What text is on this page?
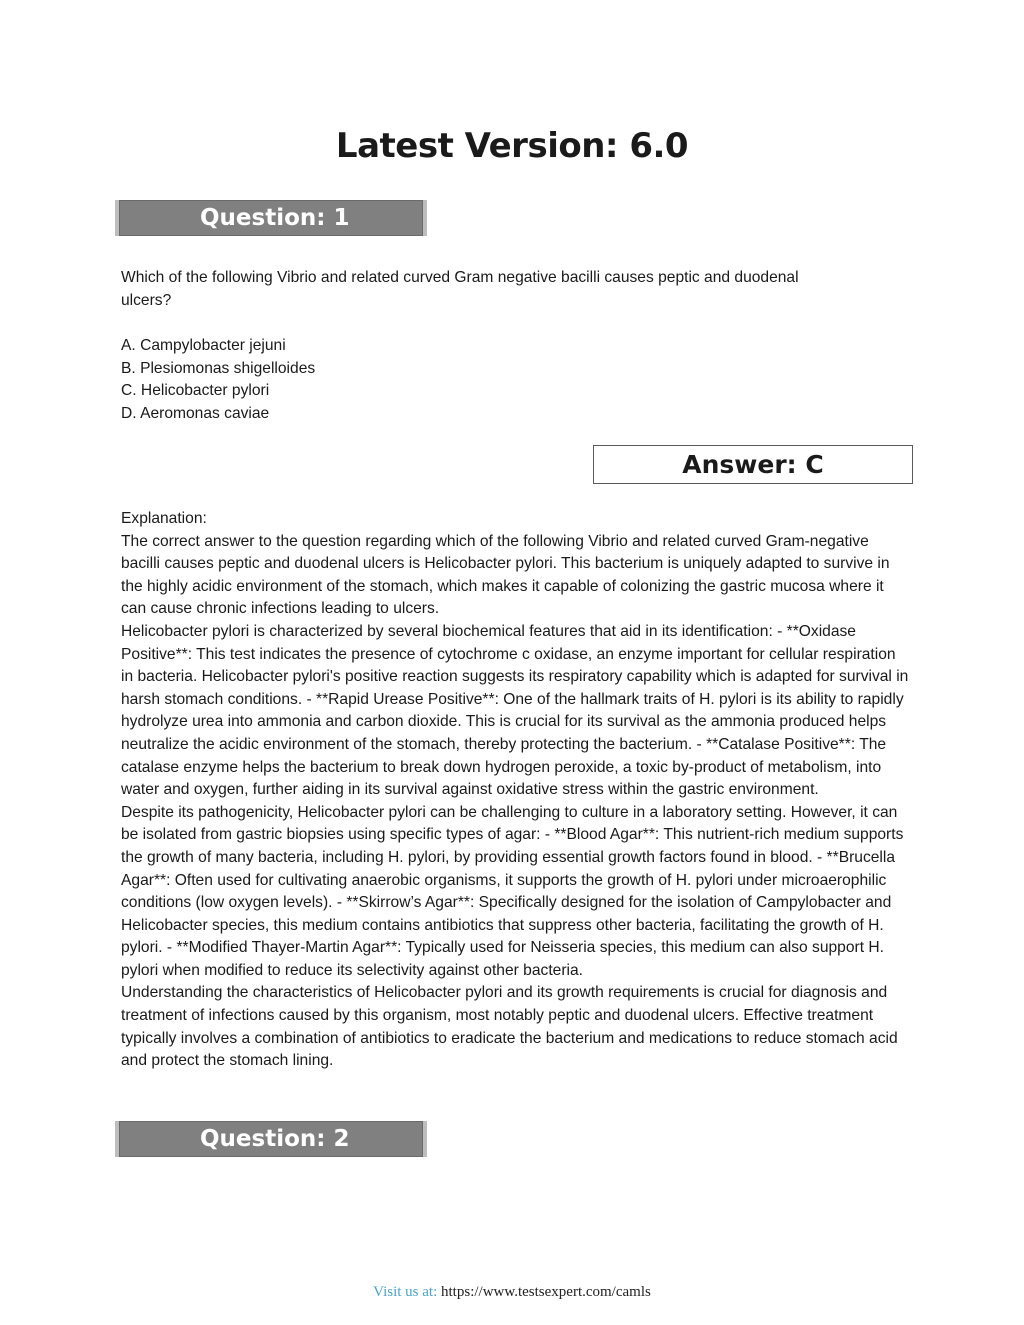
Latest Version: 6.0
Question: 1
Which of the following Vibrio and related curved Gram negative bacilli causes peptic and duodenal
ulcers?
A. Campylobacter jejuni
B. Plesiomonas shigelloides
C. Helicobacter pylori
D. Aeromonas caviae
Answer: C

Explanation:

The correct answer to the question regarding which of the following Vibrio and related curved Gram-negative bacilli causes peptic and duodenal ulcers is Helicobacter pylori. This bacterium is uniquely adapted to survive in the highly acidic environment of the stomach, which makes it capable of colonizing the gastric mucosa where it can cause chronic infections leading to ulcers.

Helicobacter pylori is characterized by several biochemical features that aid in its identification: - **Oxidase Positive**: This test indicates the presence of cytochrome c oxidase, an enzyme important for cellular respiration in bacteria. Helicobacter pylori's positive reaction suggests its respiratory capability which is adapted for survival in harsh stomach conditions. - **Rapid Urease Positive**: One of the hallmark traits of H. pylori is its ability to rapidly hydrolyze urea into ammonia and carbon dioxide. This is crucial for its survival as the ammonia produced helps neutralize the acidic environment of the stomach, thereby protecting the bacterium. - **Catalase Positive**: The catalase enzyme helps the bacterium to break down hydrogen peroxide, a toxic by-product of metabolism, into water and oxygen, further aiding in its survival against oxidative stress within the gastric environment.

Despite its pathogenicity, Helicobacter pylori can be challenging to culture in a laboratory setting. However, it can be isolated from gastric biopsies using specific types of agar: - **Blood Agar**: This nutrient-rich medium supports the growth of many bacteria, including H. pylori, by providing essential growth factors found in blood. - **Brucella Agar**: Often used for cultivating anaerobic organisms, it supports the growth of H. pylori under microaerophilic conditions (low oxygen levels). - **Skirrow’s Agar**: Specifically designed for the isolation of Campylobacter and Helicobacter species, this medium contains antibiotics that suppress other bacteria, facilitating the growth of H. pylori. - **Modified Thayer-Martin Agar**: Typically used for Neisseria species, this medium can also support H. pylori when modified to reduce its selectivity against other bacteria.

Understanding the characteristics of Helicobacter pylori and its growth requirements is crucial for diagnosis and treatment of infections caused by this organism, most notably peptic and duodenal ulcers. Effective treatment typically involves a combination of antibiotics to eradicate the bacterium and medications to reduce stomach acid and protect the stomach lining.

Question: 2
Visit us at: https://www.testsexpert.com/camls
